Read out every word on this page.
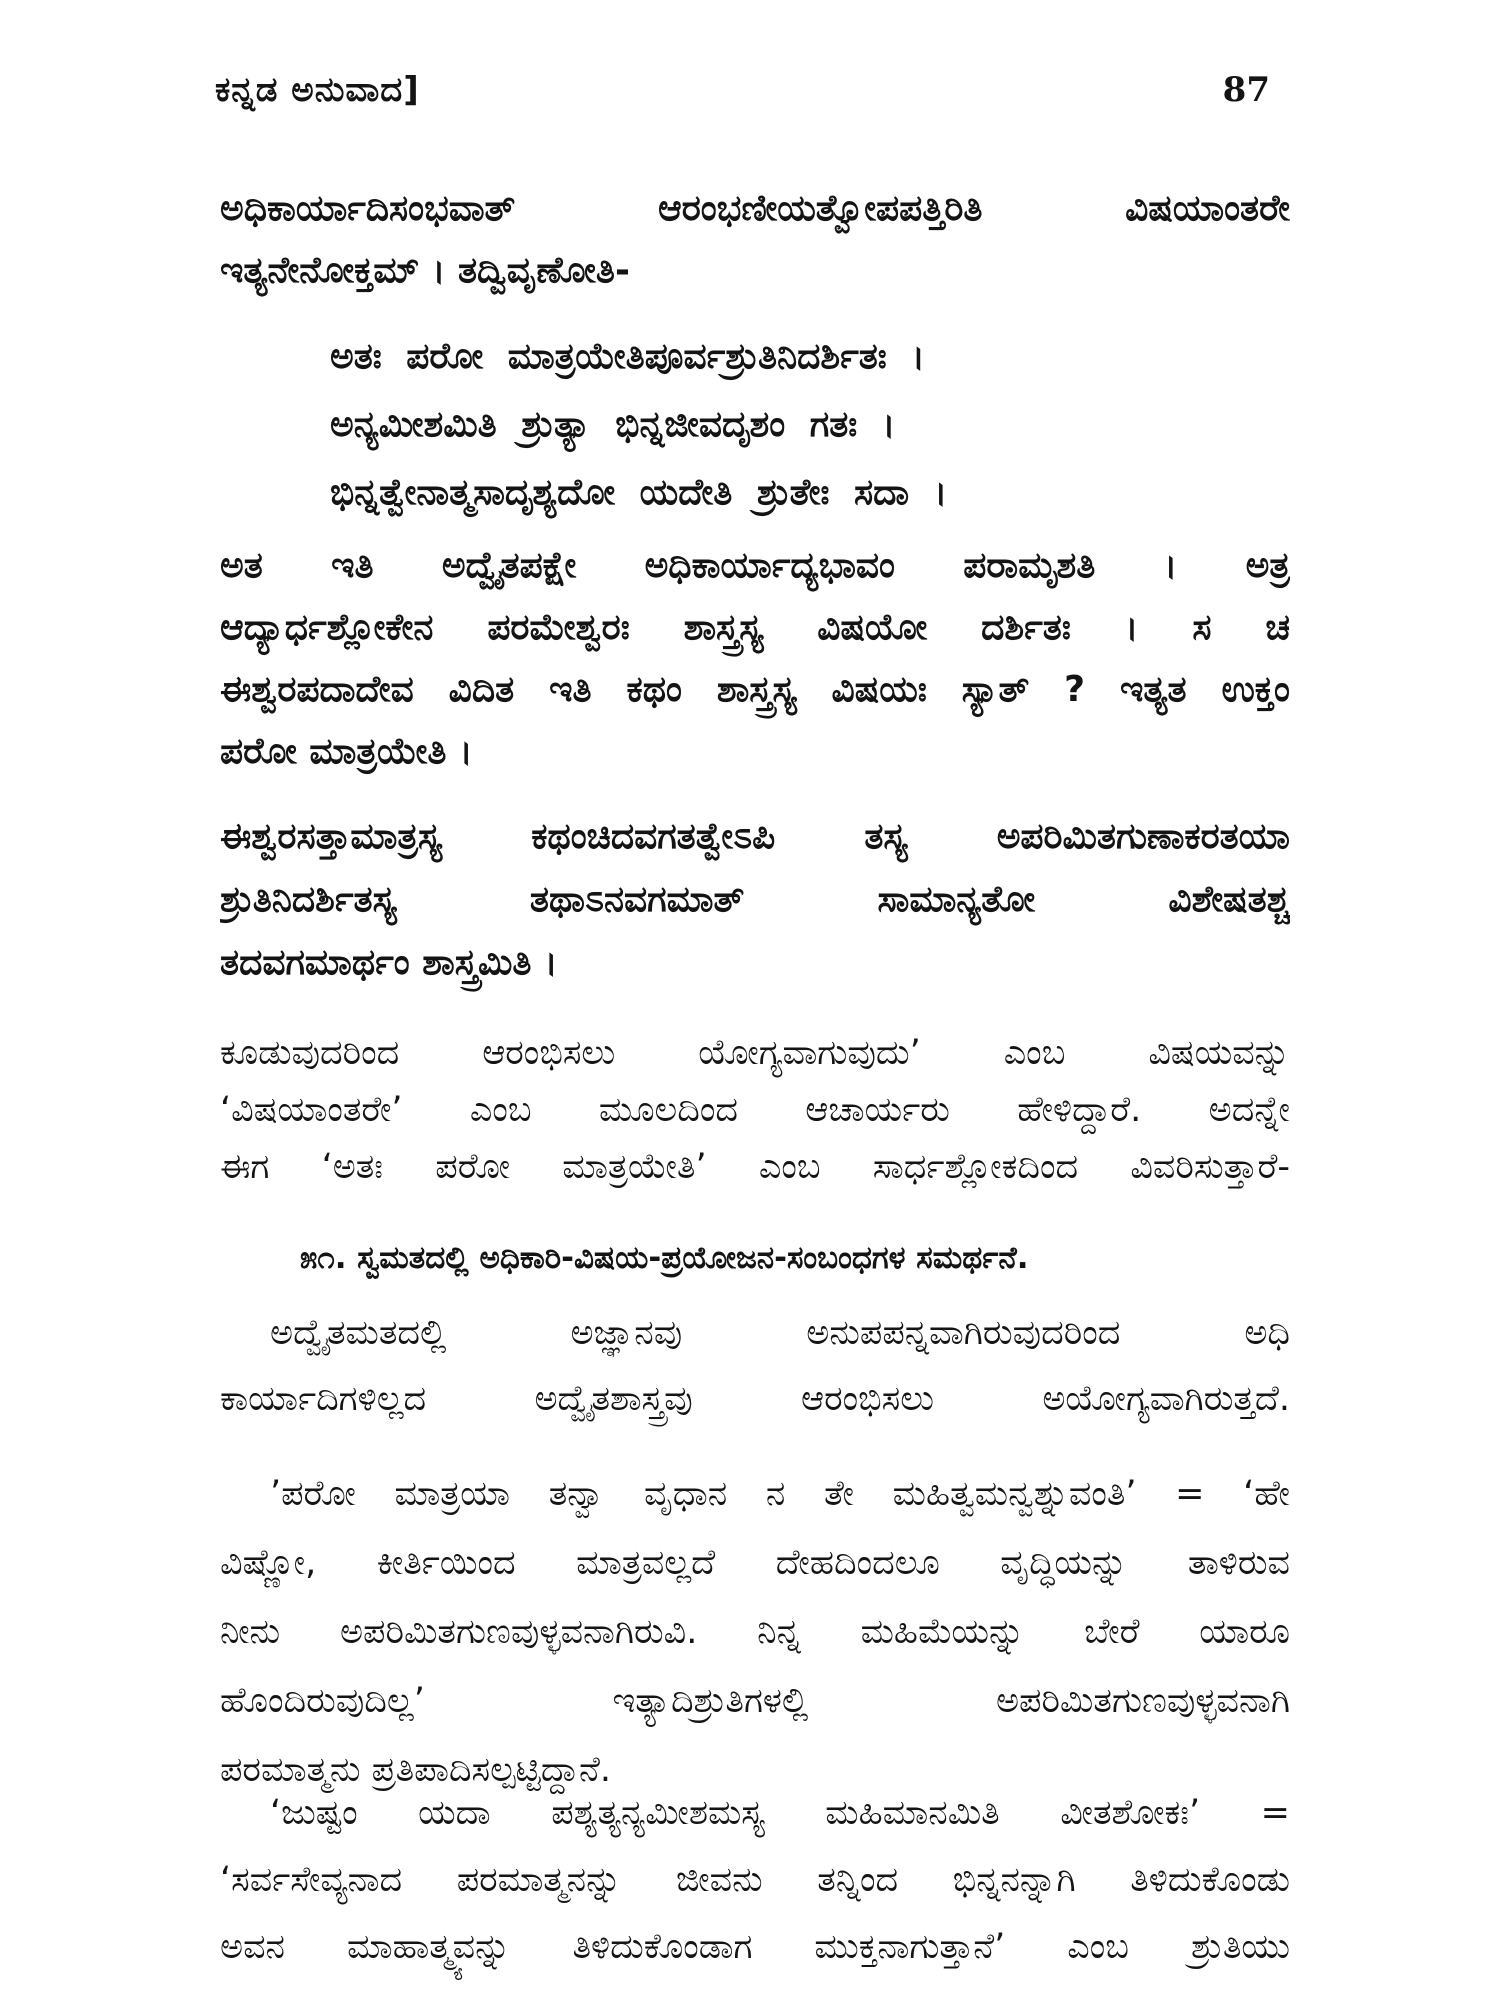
ಕನ್ನಡ ಅನುವಾದ]	87
ಅಧಿಕಾರ್ಯಾದಿಸಂಭವಾತ್ ಆರಂಭಣೀಯತ್ವೋಪಪತ್ತಿರಿತಿ ವಿಷಯಾಂತರೇ
ಇತ್ಯನೇನೋಕ್ತಮ್ । ತದ್ವಿವೃಣೋತಿ-
ಅತಃ ಪರೋ ಮಾತ್ರಯೇತಿಪೂರ್ವಶ್ರುತಿನಿದರ್ಶಿತಃ ।
ಅನ್ಯಮೀಶಮಿತಿ ಶ್ರುತ್ಯಾ ಭಿನ್ನಜೀವದೃಶಂ ಗತಃ ।
ಭಿನ್ನತ್ವೇನಾತ್ಮಸಾದೃಶ್ಯದೋ ಯದೇತಿ ಶ್ರುತೇಃ ಸದಾ ।
ಅತ ಇತಿ ಅದ್ವೈತಪಕ್ಷೇ ಅಧಿಕಾರ್ಯಾದ್ಯಭಾವಂ ಪರಾಮೃಶತಿ । ಅತ್ರ
ಆದ್ಯಾರ್ಧಶ್ಲೋಕೇನ ಪರಮೇಶ್ವರಃ ಶಾಸ್ತ್ರಸ್ಯ ವಿಷಯೋ ದರ್ಶಿತಃ । ಸ ಚ
ಈಶ್ವರಪದಾದೇವ ವಿದಿತ ಇತಿ ಕಥಂ ಶಾಸ್ತ್ರಸ್ಯ ವಿಷಯಃ ಸ್ಯಾತ್ ? ಇತ್ಯತ ಉಕ್ತಂ
ಪರೋ ಮಾತ್ರಯೇತಿ ।
ಈಶ್ವರಸತ್ತಾಮಾತ್ರಸ್ಯ ಕಥಂಚಿದವಗತತ್ವೇಽಪಿ ತಸ್ಯ ಅಪರಿಮಿತಗುಣಾಕರತಯಾ
ಶ್ರುತಿನಿದರ್ಶಿತಸ್ಯ ತಥಾಽನವಗಮಾತ್ ಸಾಮಾನ್ಯತೋ ವಿಶೇಷತಶ್ಚ
ತದವಗಮಾರ್ಥಂ ಶಾಸ್ತ್ರಮಿತಿ ।
ಕೂಡುವುದರಿಂದ ಆರಂಭಿಸಲು ಯೋಗ್ಯವಾಗುವುದು’ ಎಂಬ ವಿಷಯವನ್ನು
‘ವಿಷಯಾಂತರೇ’ ಎಂಬ ಮೂಲದಿಂದ ಆಚಾರ್ಯರು ಹೇಳಿದ್ದಾರೆ. ಅದನ್ನೇ
ಈಗ ‘ಅತಃ ಪರೋ ಮಾತ್ರಯೇತಿ’ ಎಂಬ ಸಾರ್ಧಶ್ಲೋಕದಿಂದ ವಿವರಿಸುತ್ತಾರೆ-
೫೧. ಸ್ವಮತದಲ್ಲಿ ಅಧಿಕಾರಿ-ವಿಷಯ-ಪ್ರಯೋಜನ-ಸಂಬಂಧಗಳ ಸಮರ್ಥನೆ.
ಅದ್ವೈತಮತದಲ್ಲಿ ಅಜ್ಞಾನವು ಅನುಪಪನ್ನವಾಗಿರುವುದರಿಂದ ಅಧಿ
ಕಾರ್ಯಾದಿಗಳಿಲ್ಲದ ಅದ್ವೈತಶಾಸ್ತ್ರವು ಆರಂಭಿಸಲು ಅಯೋಗ್ಯವಾಗಿರುತ್ತದೆ.
’ಪರೋ ಮಾತ್ರಯಾ ತನ್ವಾ ವೃಧಾನ ನ ತೇ ಮಹಿತ್ವಮನ್ವಶ್ನುವಂತಿ’ = ‘ಹೇ
ವಿಷ್ಣೋ, ಕೀರ್ತಿಯಿಂದ ಮಾತ್ರವಲ್ಲದೆ ದೇಹದಿಂದಲೂ ವೃದ್ಧಿಯನ್ನು ತಾಳಿರುವ
ನೀನು ಅಪರಿಮಿತಗುಣವುಳ್ಳವನಾಗಿರುವಿ. ನಿನ್ನ ಮಹಿಮೆಯನ್ನು ಬೇರೆ ಯಾರೂ
ಹೊಂದಿರುವುದಿಲ್ಲ’ ಇತ್ಯಾದಿಶ್ರುತಿಗಳಲ್ಲಿ ಅಪರಿಮಿತಗುಣವುಳ್ಳವನಾಗಿ
ಪರಮಾತ್ಮನು ಪ್ರತಿಪಾದಿಸಲ್ಪಟ್ಟಿದ್ದಾನೆ.
‘ಜುಷ್ಟಂ ಯದಾ ಪಶ್ಯತ್ಯನ್ಯಮೀಶಮಸ್ಯ ಮಹಿಮಾನಮಿತಿ ವೀತಶೋಕಃ’ =
‘ಸರ್ವಸೇವ್ಯನಾದ ಪರಮಾತ್ಮನನ್ನು ಜೀವನು ತನ್ನಿಂದ ಭಿನ್ನನನ್ನಾಗಿ ತಿಳಿದುಕೊಂಡು
ಅವನ ಮಾಹಾತ್ಮ್ಯವನ್ನು ತಿಳಿದುಕೊಂಡಾಗ ಮುಕ್ತನಾಗುತ್ತಾನೆ’ ಎಂಬ ಶ್ರುತಿಯು
